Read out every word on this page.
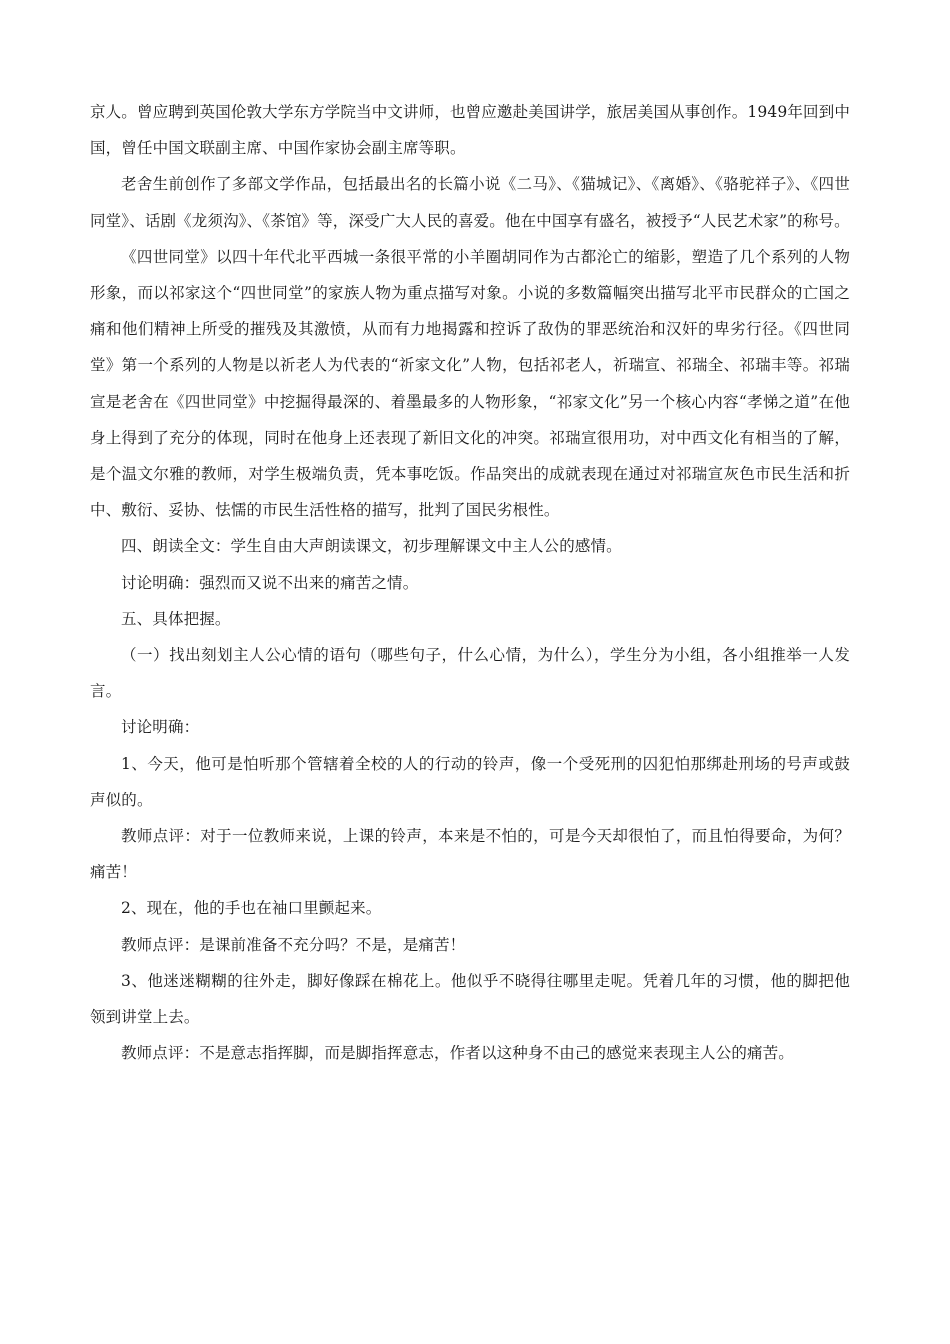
京人。曾应聘到英国伦敦大学东方学院当中文讲师，也曾应邀赴美国讲学，旅居美国从事创作。1949年回到中国，曾任中国文联副主席、中国作家协会副主席等职。

老舍生前创作了多部文学作品，包括最出名的长篇小说《二马》、《猫城记》、《离婚》、《骆驼祥子》、《四世同堂》、话剧《龙须沟》、《茶馆》等，深受广大人民的喜爱。他在中国享有盛名，被授予“人民艺术家”的称号。

《四世同堂》以四十年代北平西城一条很平常的小羊圈胡同作为古都沦亡的缩影，塑造了几个系列的人物形象，而以祁家这个“四世同堂”的家族人物为重点描写对象。小说的多数篇幅突出描写北平市民群众的亡国之痛和他们精神上所受的摧残及其激愤，从而有力地揭露和控诉了敌伪的罪恶统治和汉奸的卑劣行径。《四世同堂》第一个系列的人物是以祈老人为代表的“祈家文化”人物，包括祁老人，祈瑞宣、祁瑞全、祁瑞丰等。祁瑞宣是老舍在《四世同堂》中挖掘得最深的、着墨最多的人物形象，“祁家文化”另一个核心内容“孝悌之道”在他身上得到了充分的体现，同时在他身上还表现了新旧文化的冲突。祁瑞宣很用功，对中西文化有相当的了解，是个温文尔雅的教师，对学生极端负责，凭本事吃饭。作品突出的成就表现在通过对祁瑞宣灰色市民生活和折中、敷衍、妥协、怯懦的市民生活性格的描写，批判了国民劣根性。

四、朗读全文：学生自由大声朗读课文，初步理解课文中主人公的感情。

讨论明确：强烈而又说不出来的痛苦之情。

五、具体把握。

（一）找出刻划主人公心情的语句（哪些句子，什么心情，为什么），学生分为小组，各小组推举一人发言。

讨论明确：

1、今天，他可是怕听那个管辖着全校的人的行动的铃声，像一个受死刑的囚犯怕那绑赴刑场的号声或鼓声似的。

教师点评：对于一位教师来说，上课的铃声，本来是不怕的，可是今天却很怕了，而且怕得要命，为何？痛苦！

2、现在，他的手也在袖口里颤起来。

教师点评：是课前准备不充分吗？不是，是痛苦！

3、他迷迷糊糊的往外走，脚好像踩在棉花上。他似乎不晓得往哪里走呢。凭着几年的习惯，他的脚把他领到讲堂上去。

教师点评：不是意志指挥脚，而是脚指挥意志，作者以这种身不由己的感觉来表现主人公的痛苦。
